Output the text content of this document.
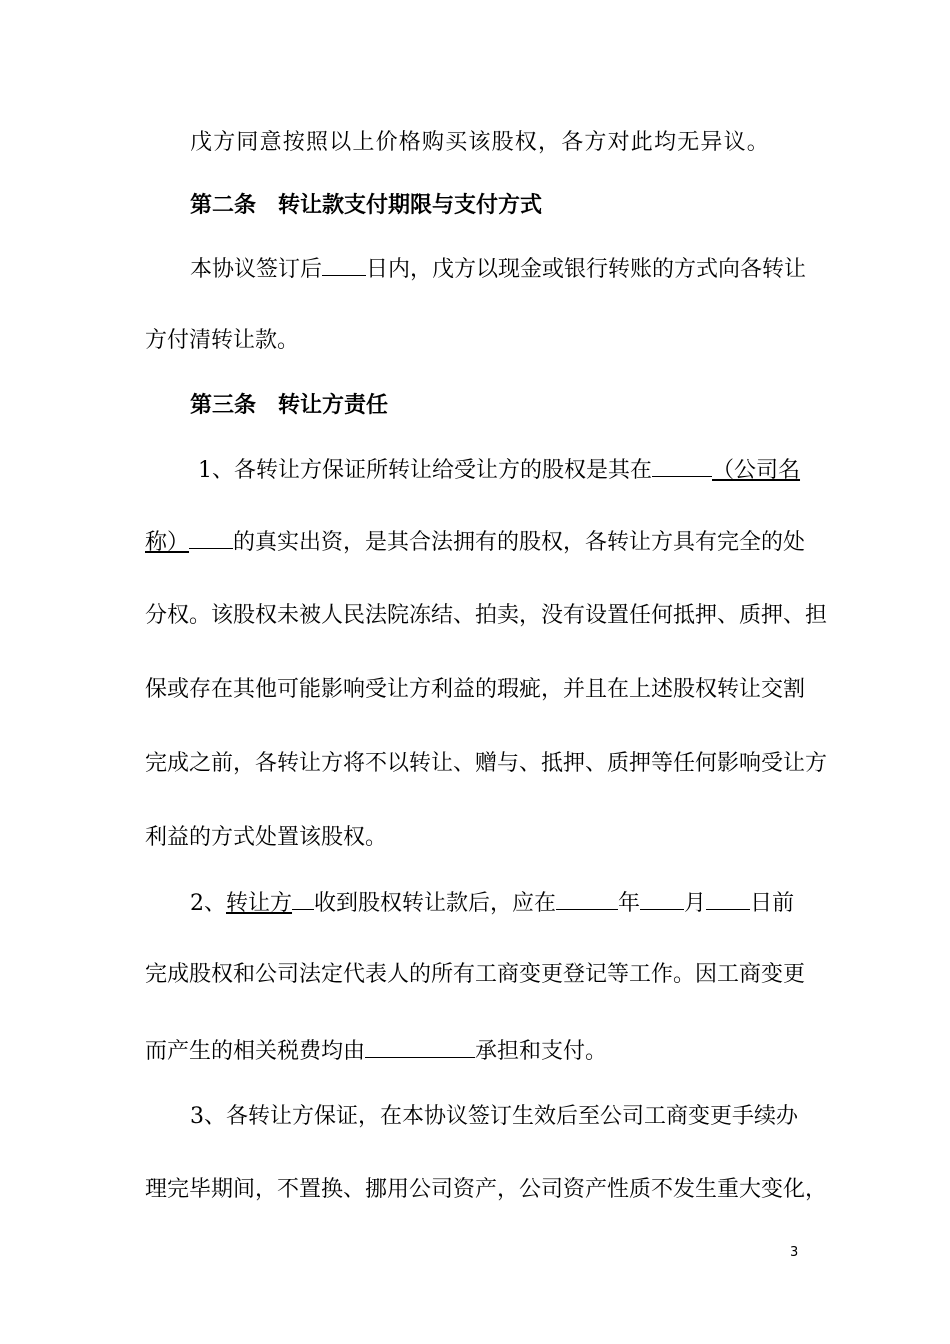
戊方同意按照以上价格购买该股权，各方对此均无异议。
第二条　转让款支付期限与支付方式
本协议签订后 日内，戊方以现金或银行转账的方式向各转让
方付清转让款。
第三条　转让方责任
1、各转让方保证所转让给受让方的股权是其在	（公司名
称） 的真实出资，是其合法拥有的股权，各转让方具有完全的处
分权。该股权未被人民法院冻结、拍卖，没有设置任何抵押、质押、担
保或存在其他可能影响受让方利益的瑕疵，并且在上述股权转让交割
完成之前，各转让方将不以转让、赠与、抵押、质押等任何影响受让方
利益的方式处置该股权。
2、转让方 收到股权转让款后，应在	年 月 日前
完成股权和公司法定代表人的所有工商变更登记等工作。因工商变更
而产生的相关税费均由	承担和支付。
3、各转让方保证，在本协议签订生效后至公司工商变更手续办
理完毕期间，不置换、挪用公司资产，公司资产性质不发生重大变化，
3
